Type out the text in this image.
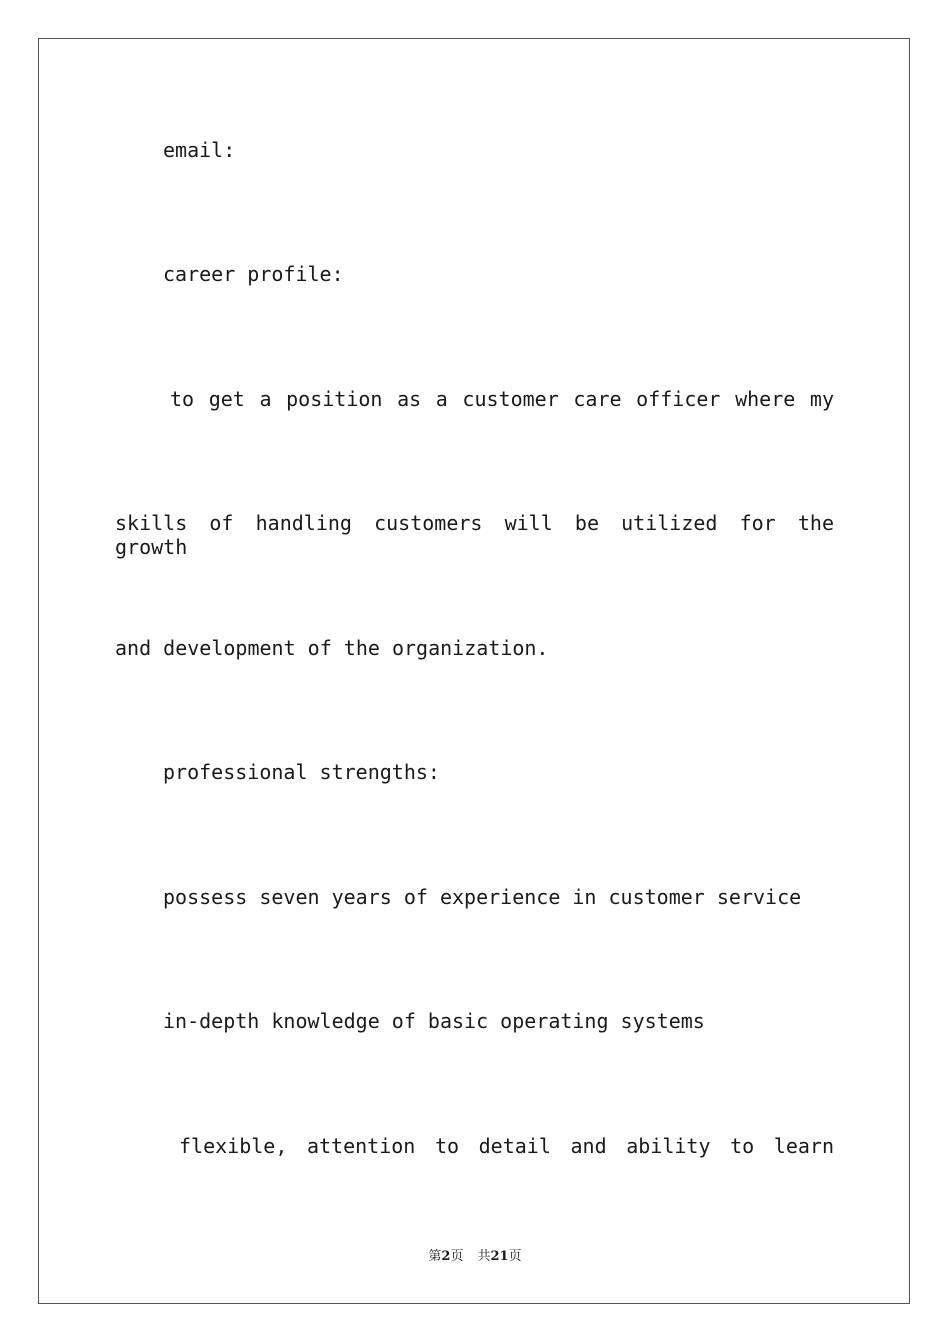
email:
career profile:
to get a position as a customer care officer where my
skills of handling customers will be utilized for the growth
and development of the organization.
professional strengths:
possess seven years of experience in customer service
in-depth knowledge of basic operating systems
flexible, attention to detail and ability to learn
第2页 共21页
